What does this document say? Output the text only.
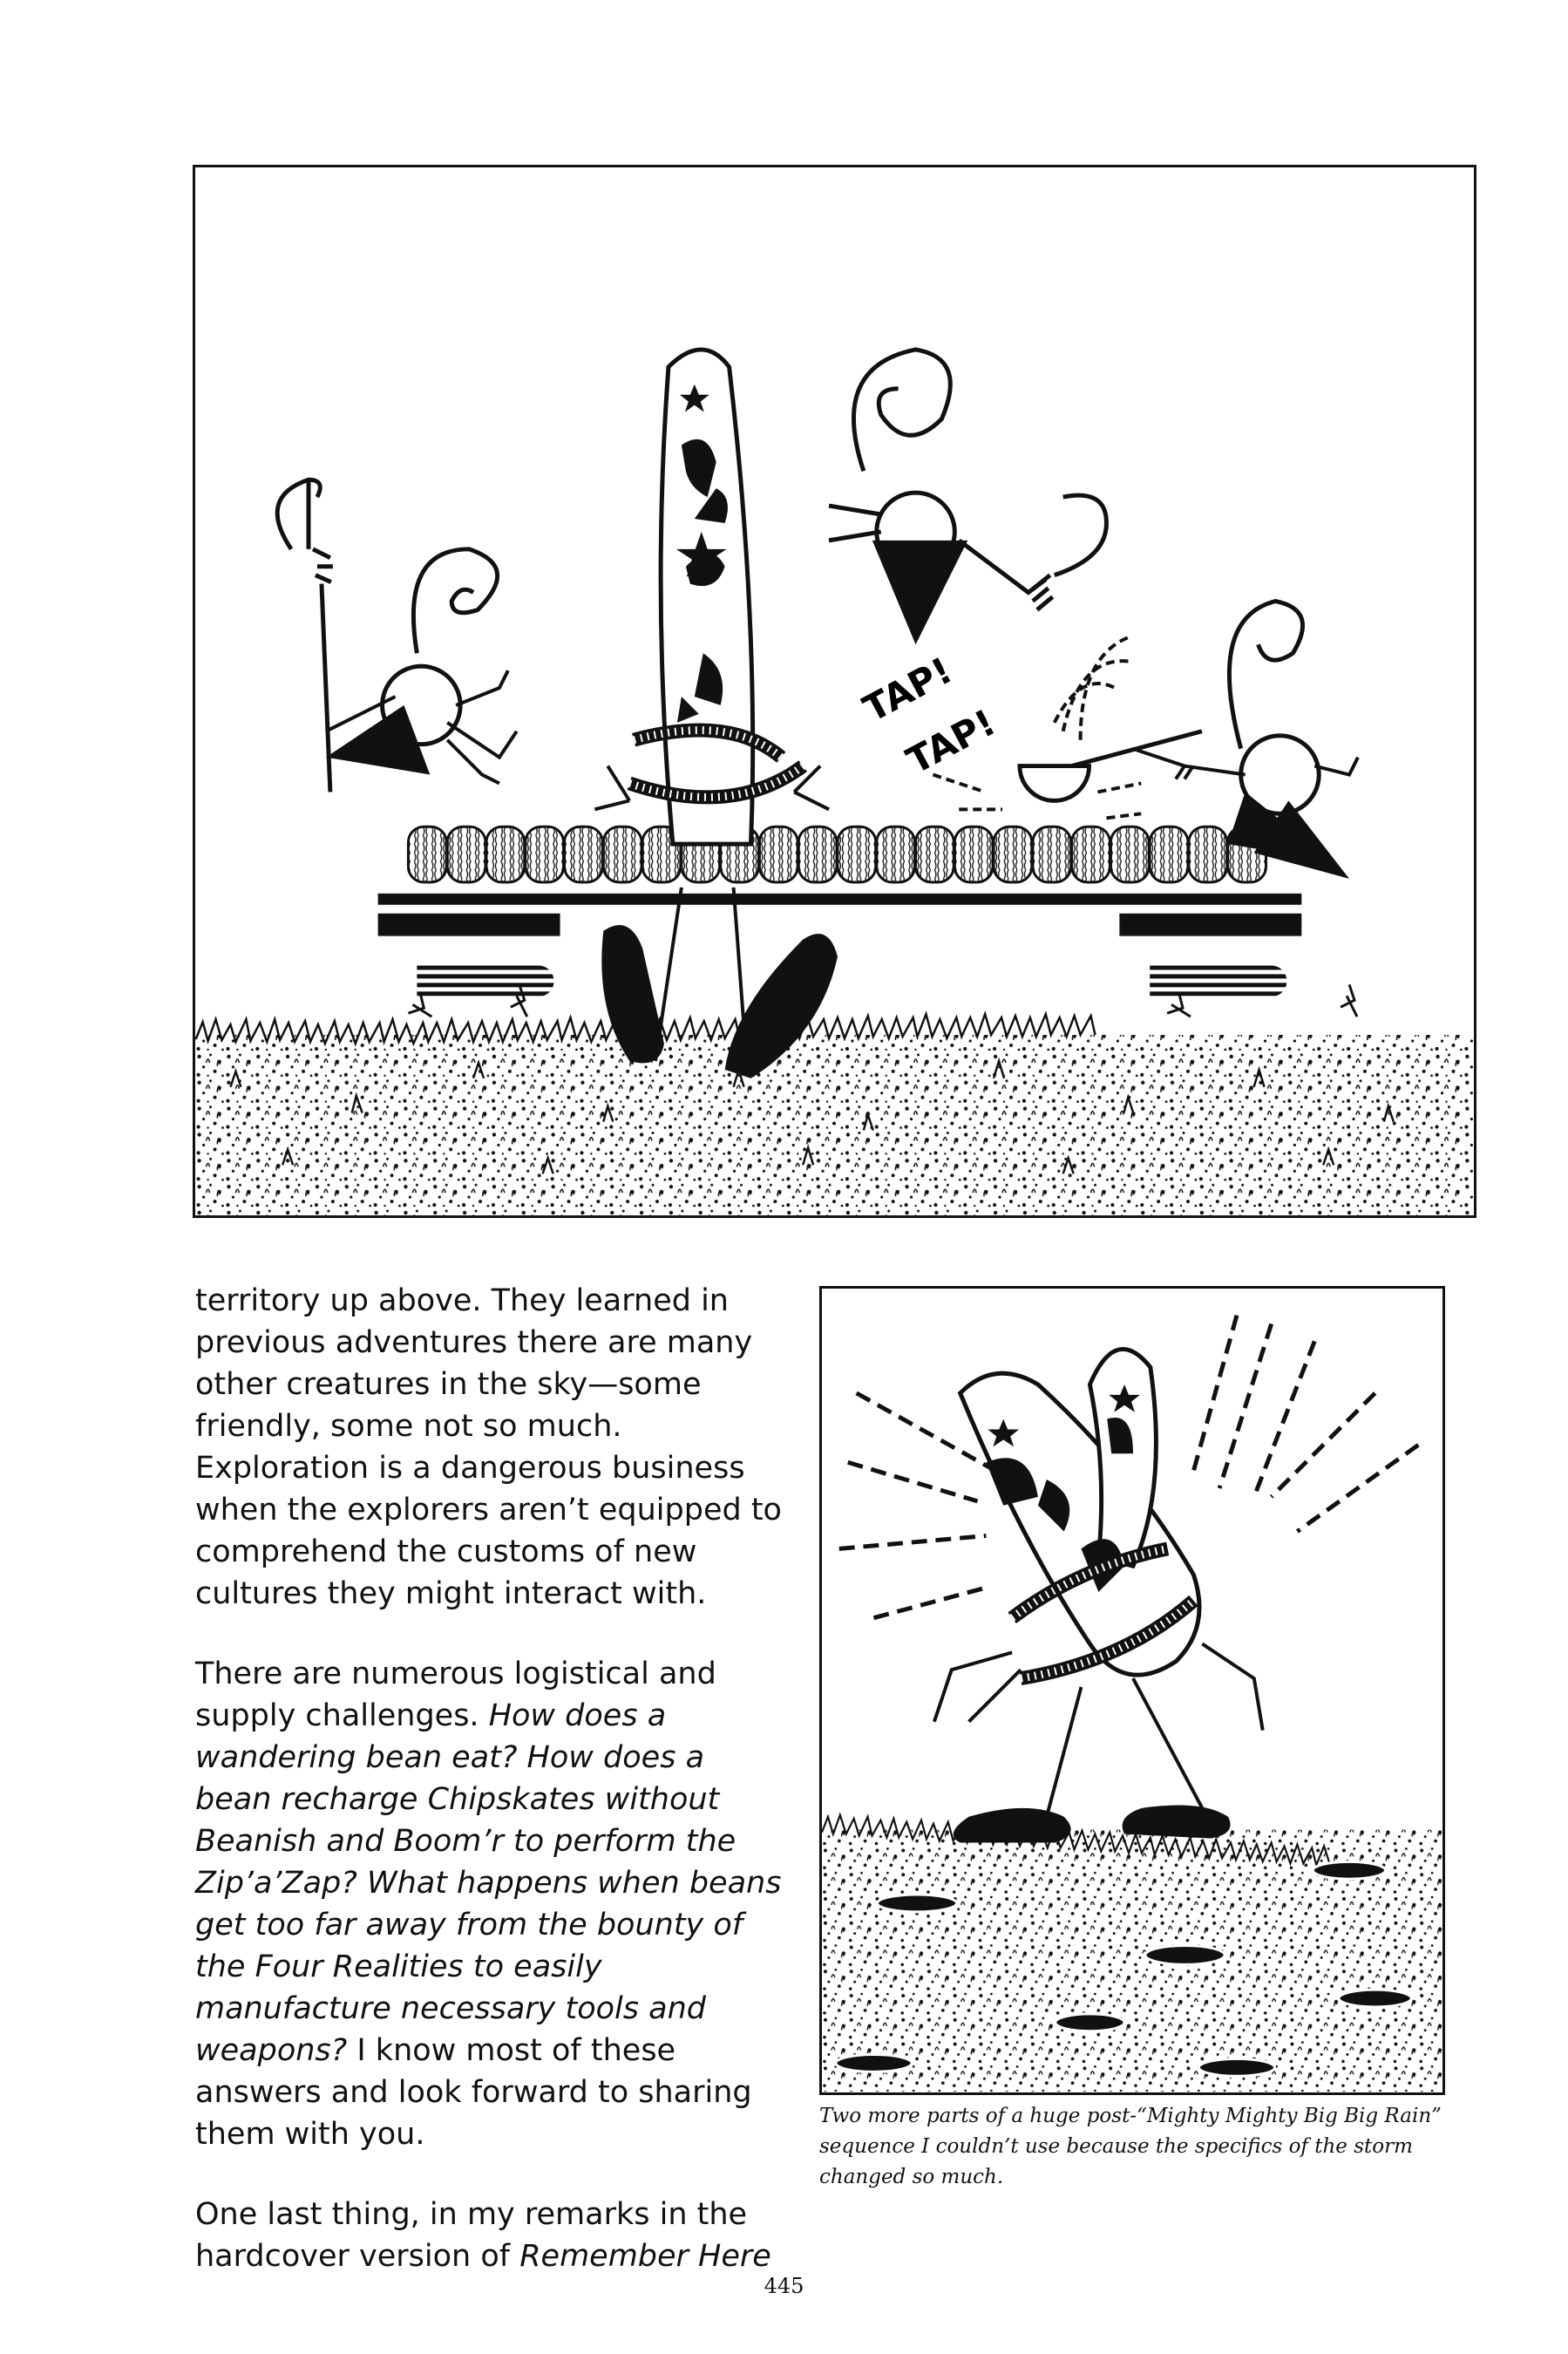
TAP!
TAP!

territory up above. They learned in previous adventures there are many other creatures in the sky—some friendly, some not so much. Exploration is a dangerous business when the explorers aren’t equipped to comprehend the customs of new cultures they might interact with.

There are numerous logistical and supply challenges. How does a wandering bean eat? How does a bean recharge Chipskates without Beanish and Boom’r to perform the Zip’a’Zap? What happens when beans get too far away from the bounty of the Four Realities to easily manufacture necessary tools and weapons? I know most of these answers and look forward to sharing them with you.

One last thing, in my remarks in the hardcover version of Remember Here

Two more parts of a huge post-“Mighty Mighty Big Big Rain” sequence I couldn’t use because the specifics of the storm changed so much.
445
